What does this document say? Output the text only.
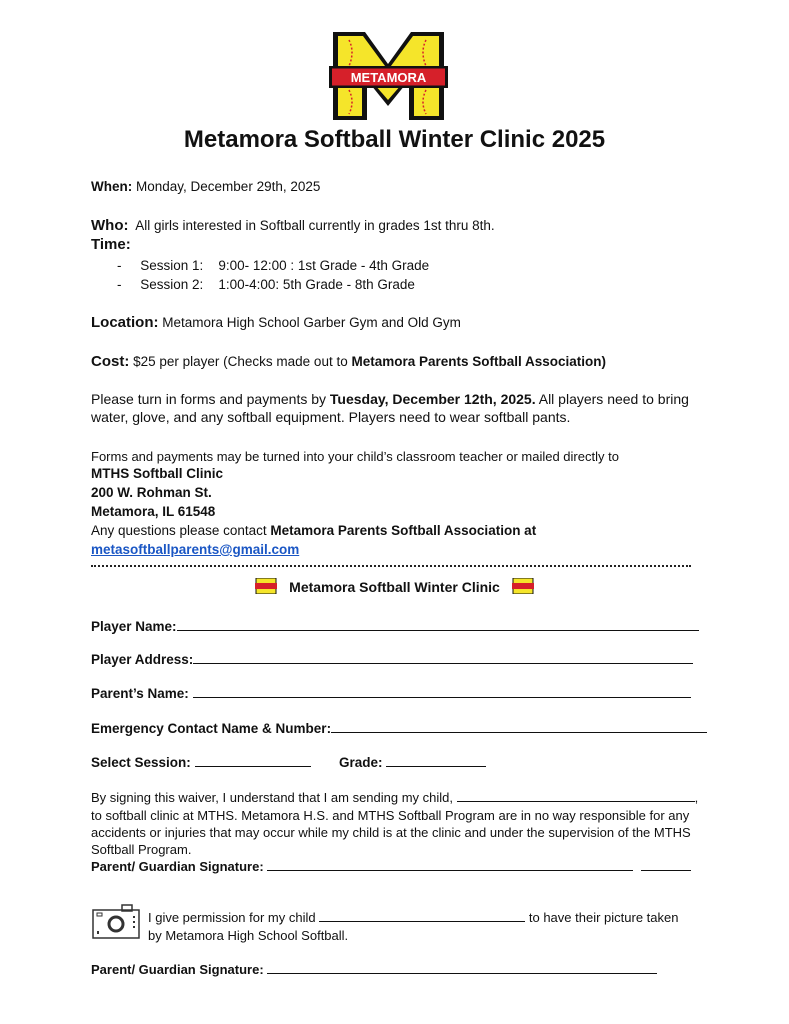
METAMORA
Metamora Softball Winter Clinic 2025
When: Monday, December 29th, 2025
Who: All girls interested in Softball currently in grades 1st thru 8th.
Time:
-     Session 1: 9:00- 12:00 : 1st Grade - 4th Grade
-     Session 2: 1:00-4:00: 5th Grade - 8th Grade
Location: Metamora High School Garber Gym and Old Gym
Cost: $25 per player (Checks made out to Metamora Parents Softball Association)
Please turn in forms and payments by Tuesday, December 12th, 2025. All players need to bring
water, glove, and any softball equipment. Players need to wear softball pants.
Forms and payments may be turned into your child’s classroom teacher or mailed directly to
MTHS Softball Clinic
200 W. Rohman St.
Metamora, IL 61548
Any questions please contact Metamora Parents Softball Association at
metasoftballparents@gmail.com
Metamora Softball Winter Clinic
Player Name:
Player Address:
Parent’s Name:
Emergency Contact Name & Number:
Select Session:	Grade:
By signing this waiver, I understand that I am sending my child,	,
to softball clinic at MTHS. Metamora H.S. and MTHS Softball Program are in no way responsible for any
accidents or injuries that may occur while my child is at the clinic and under the supervision of the MTHS
Softball Program.
Parent/ Guardian Signature:
I give permission for my child	to have their picture taken
by Metamora High School Softball.
Parent/ Guardian Signature:
